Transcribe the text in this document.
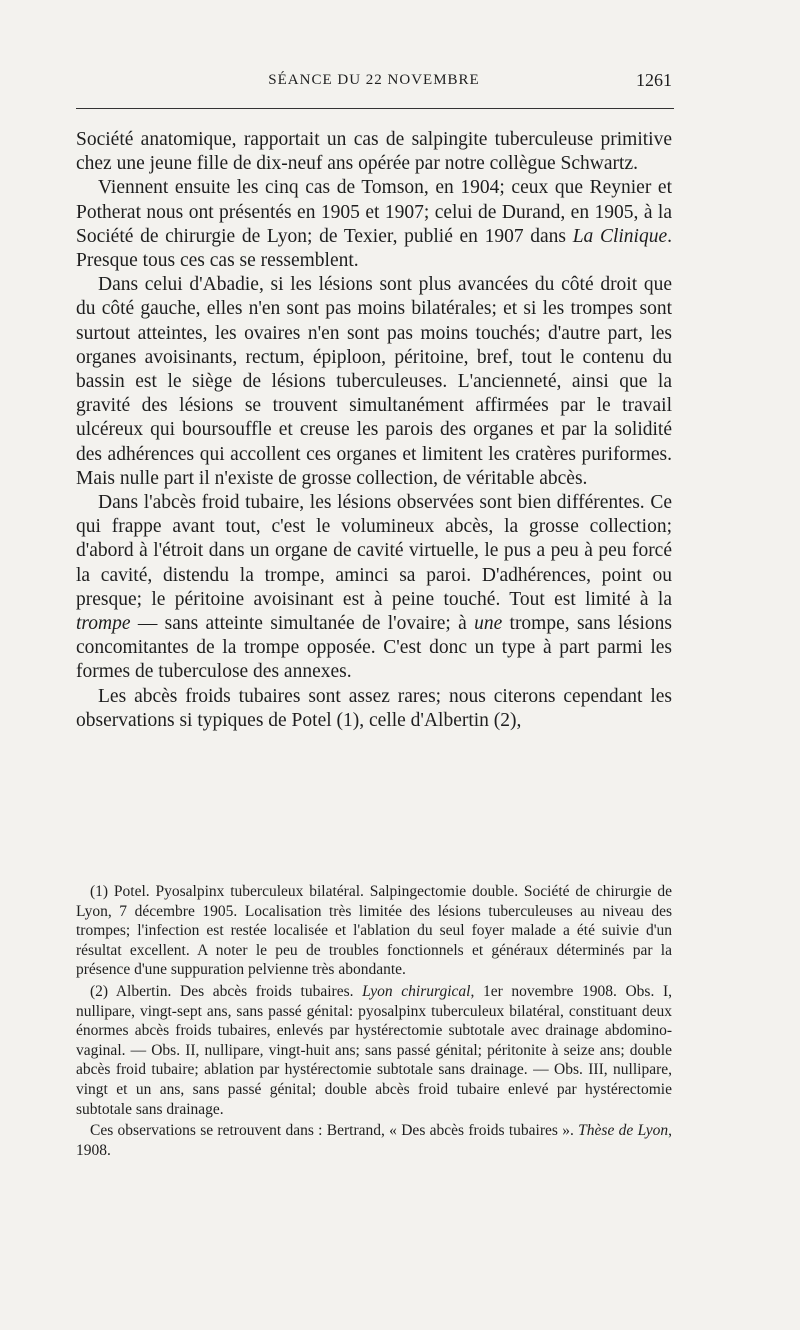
SÉANCE DU 22 NOVEMBRE	1261

Société anatomique, rapportait un cas de salpingite tuberculeuse primitive chez une jeune fille de dix-neuf ans opérée par notre collègue Schwartz.

Viennent ensuite les cinq cas de Tomson, en 1904; ceux que Reynier et Potherat nous ont présentés en 1905 et 1907; celui de Durand, en 1905, à la Société de chirurgie de Lyon; de Texier, publié en 1907 dans La Clinique. Presque tous ces cas se ressemblent.

Dans celui d'Abadie, si les lésions sont plus avancées du côté droit que du côté gauche, elles n'en sont pas moins bilatérales; et si les trompes sont surtout atteintes, les ovaires n'en sont pas moins touchés; d'autre part, les organes avoisinants, rectum, épiploon, péritoine, bref, tout le contenu du bassin est le siège de lésions tuberculeuses. L'ancienneté, ainsi que la gravité des lésions se trouvent simultanément affirmées par le travail ulcéreux qui boursouffle et creuse les parois des organes et par la solidité des adhérences qui accollent ces organes et limitent les cratères puriformes. Mais nulle part il n'existe de grosse collection, de véritable abcès.

Dans l'abcès froid tubaire, les lésions observées sont bien différentes. Ce qui frappe avant tout, c'est le volumineux abcès, la grosse collection; d'abord à l'étroit dans un organe de cavité virtuelle, le pus a peu à peu forcé la cavité, distendu la trompe, aminci sa paroi. D'adhérences, point ou presque; le péritoine avoisinant est à peine touché. Tout est limité à la trompe — sans atteinte simultanée de l'ovaire; à une trompe, sans lésions concomitantes de la trompe opposée. C'est donc un type à part parmi les formes de tuberculose des annexes.

Les abcès froids tubaires sont assez rares; nous citerons cependant les observations si typiques de Potel (1), celle d'Albertin (2),

(1) Potel. Pyosalpinx tuberculeux bilatéral. Salpingectomie double. Société de chirurgie de Lyon, 7 décembre 1905. Localisation très limitée des lésions tuberculeuses au niveau des trompes; l'infection est restée localisée et l'ablation du seul foyer malade a été suivie d'un résultat excellent. A noter le peu de troubles fonctionnels et généraux déterminés par la présence d'une suppuration pelvienne très abondante.

(2) Albertin. Des abcès froids tubaires. Lyon chirurgical, 1er novembre 1908. Obs. I, nullipare, vingt-sept ans, sans passé génital: pyosalpinx tuberculeux bilatéral, constituant deux énormes abcès froids tubaires, enlevés par hystérectomie subtotale avec drainage abdomino-vaginal. — Obs. II, nullipare, vingt-huit ans; sans passé génital; péritonite à seize ans; double abcès froid tubaire; ablation par hystérectomie subtotale sans drainage. — Obs. III, nullipare, vingt et un ans, sans passé génital; double abcès froid tubaire enlevé par hystérectomie subtotale sans drainage.

Ces observations se retrouvent dans : Bertrand, « Des abcès froids tubaires ». Thèse de Lyon, 1908.
